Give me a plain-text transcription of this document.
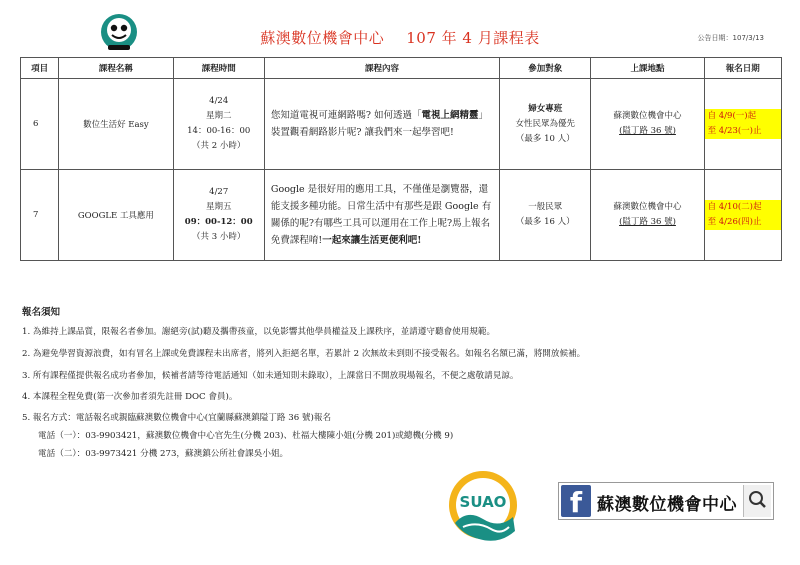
蘇澳數位機會中心 107 年 4 月課程表	公告日期：107/3/13
項目	課程名稱	課程時間	課程內容	參加對象	上課地點	報名日期
6	數位生活好 Easy	4/24
星期二
14：00-16：00
（共 2 小時）	您知道電視可連網路嗎? 如何透過「電視上網精靈」裝置觀看網路影片呢? 讓我們來一起學習吧!	婦女專班
女性民眾為優先
（最多 10 人）	蘇澳數位機會中心
(隘丁路 36 號)	自 4/9(一)起
至 4/23(一)止

7	GOOGLE 工具應用	4/27
星期五
09：00-12：00
（共 3 小時）	Google 是很好用的應用工具，不僅僅是瀏覽器，還能支援多種功能。日常生活中有那些是跟 Google 有關係的呢?有哪些工具可以運用在工作上呢?馬上報名免費課程唷!一起來讓生活更便利吧!	一般民眾
（最多 16 人）	蘇澳數位機會中心
(隘丁路 36 號)	自 4/10(二)起
至 4/26(四)止
報名須知
1. 為維持上課品質，限報名者參加。謝絕旁(試)聽及攜帶孩童，以免影響其他學員權益及上課秩序，並請遵守聽會使用規範。
2. 為避免學習資源浪費，如有冒名上課或免費課程未出席者，將列入拒絕名單，若累計 2 次無故未到則不接受報名。如報名名額已滿，將開放候補。
3. 所有課程僅提供報名成功者參加，候補者請等待電話通知（如未通知則未錄取），上課當日不開放現場報名，不便之處敬請見諒。
4. 本課程全程免費(第一次參加者須先註冊 DOC 會員)。
5. 報名方式：電話報名或親臨蘇澳數位機會中心(宜蘭縣蘇澳鎮隘丁路 36 號)報名
電話（一）：03-9903421，蘇澳數位機會中心官先生(分機 203)、杜福大樓陳小姐(分機 201)或總機(分機 9)
電話（二）：03-9973421 分機 273，蘇澳鎮公所社會課吳小姐。
SUAO	f 蘇澳數位機會中心
